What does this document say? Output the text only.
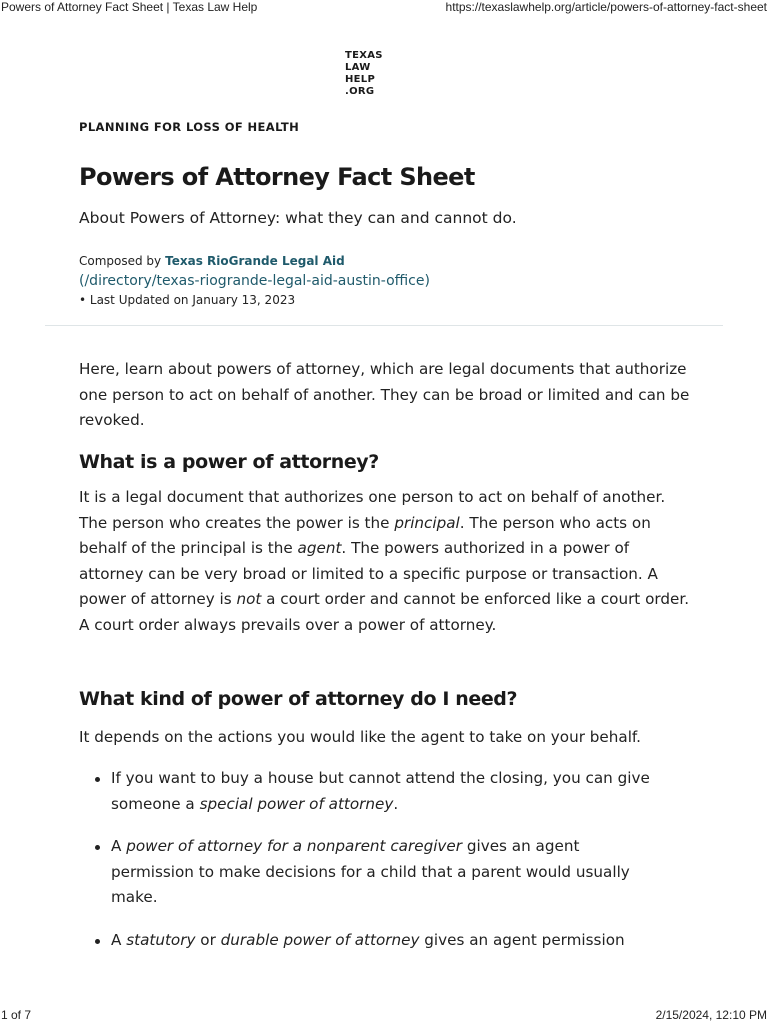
Powers of Attorney Fact Sheet | Texas Law Help	https://texaslawhelp.org/article/powers-of-attorney-fact-sheet
TEXAS
LAW
HELP
.ORG
PLANNING FOR LOSS OF HEALTH
Powers of Attorney Fact Sheet
About Powers of Attorney: what they can and cannot do.
Composed by Texas RioGrande Legal Aid
(/directory/texas-riogrande-legal-aid-austin-office)
• Last Updated on January 13, 2023

Here, learn about powers of attorney, which are legal documents that authorize one person to act on behalf of another. They can be broad or limited and can be revoked.

What is a power of attorney?

It is a legal document that authorizes one person to act on behalf of another. The person who creates the power is the principal. The person who acts on behalf of the principal is the agent. The powers authorized in a power of attorney can be very broad or limited to a specific purpose or transaction. A power of attorney is not a court order and cannot be enforced like a court order. A court order always prevails over a power of attorney.

What kind of power of attorney do I need?

It depends on the actions you would like the agent to take on your behalf.

If you want to buy a house but cannot attend the closing, you can give someone a special power of attorney.
A power of attorney for a nonparent caregiver gives an agent permission to make decisions for a child that a parent would usually make.
A statutory or durable power of attorney gives an agent permission
1 of 7	2/15/2024, 12:10 PM
